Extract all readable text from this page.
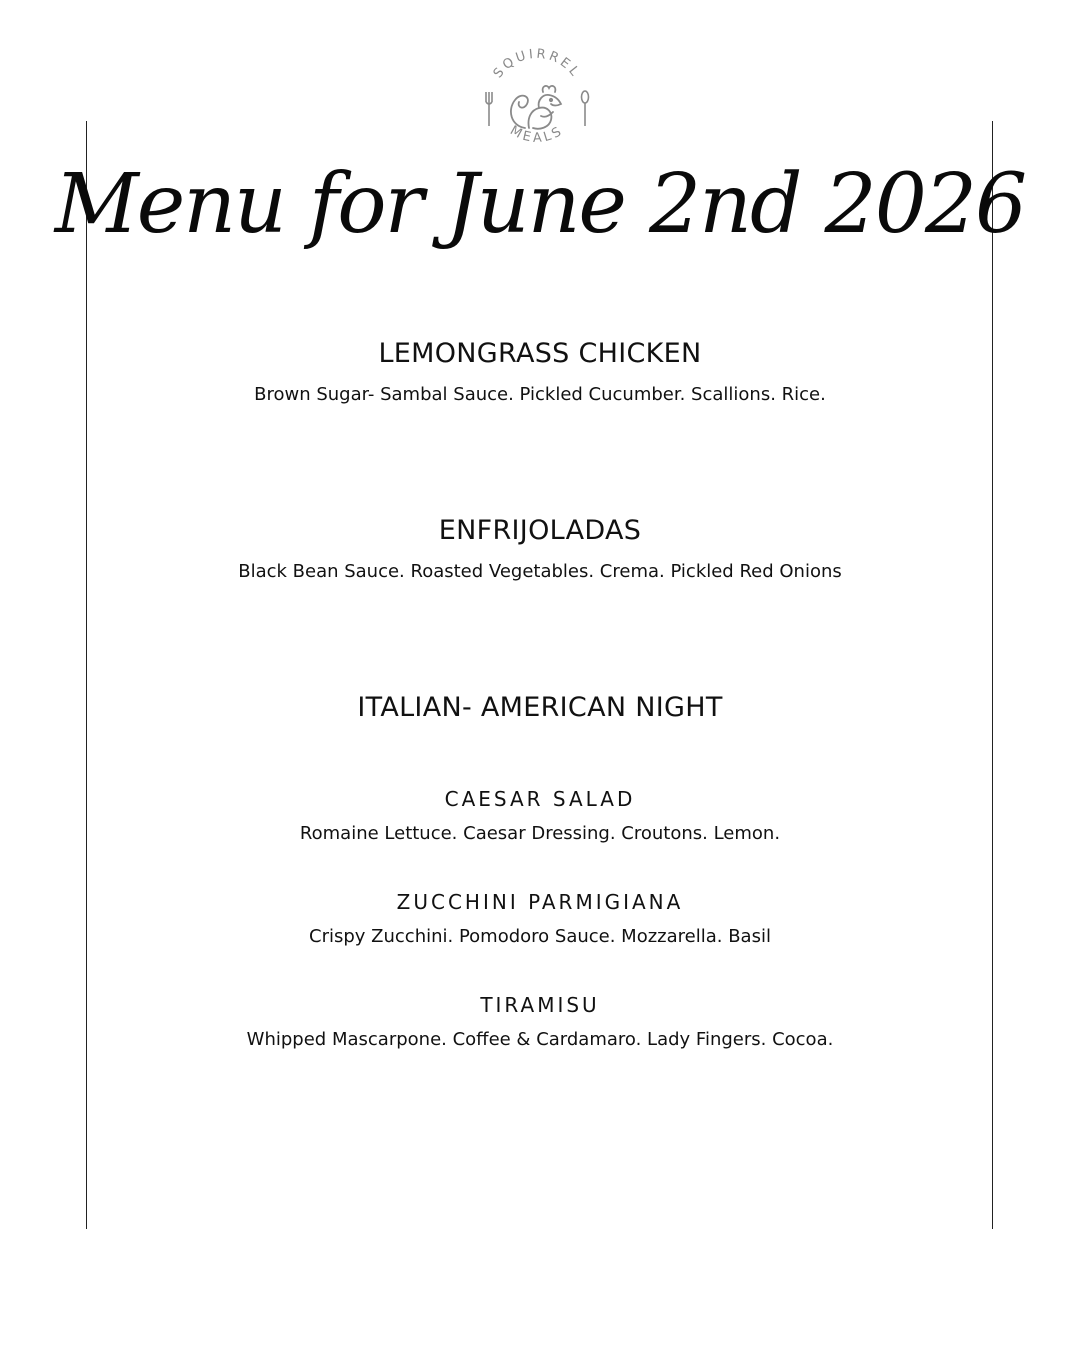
SQUIRREL
MEALS
Menu for June 2nd 2026
LEMONGRASS CHICKEN
Brown Sugar- Sambal Sauce. Pickled Cucumber. Scallions. Rice.
ENFRIJOLADAS
Black Bean Sauce. Roasted Vegetables. Crema. Pickled Red Onions
ITALIAN- AMERICAN NIGHT
CAESAR SALAD
Romaine Lettuce. Caesar Dressing. Croutons. Lemon.
ZUCCHINI PARMIGIANA
Crispy Zucchini. Pomodoro Sauce. Mozzarella. Basil
TIRAMISU
Whipped Mascarpone. Coffee & Cardamaro. Lady Fingers. Cocoa.
